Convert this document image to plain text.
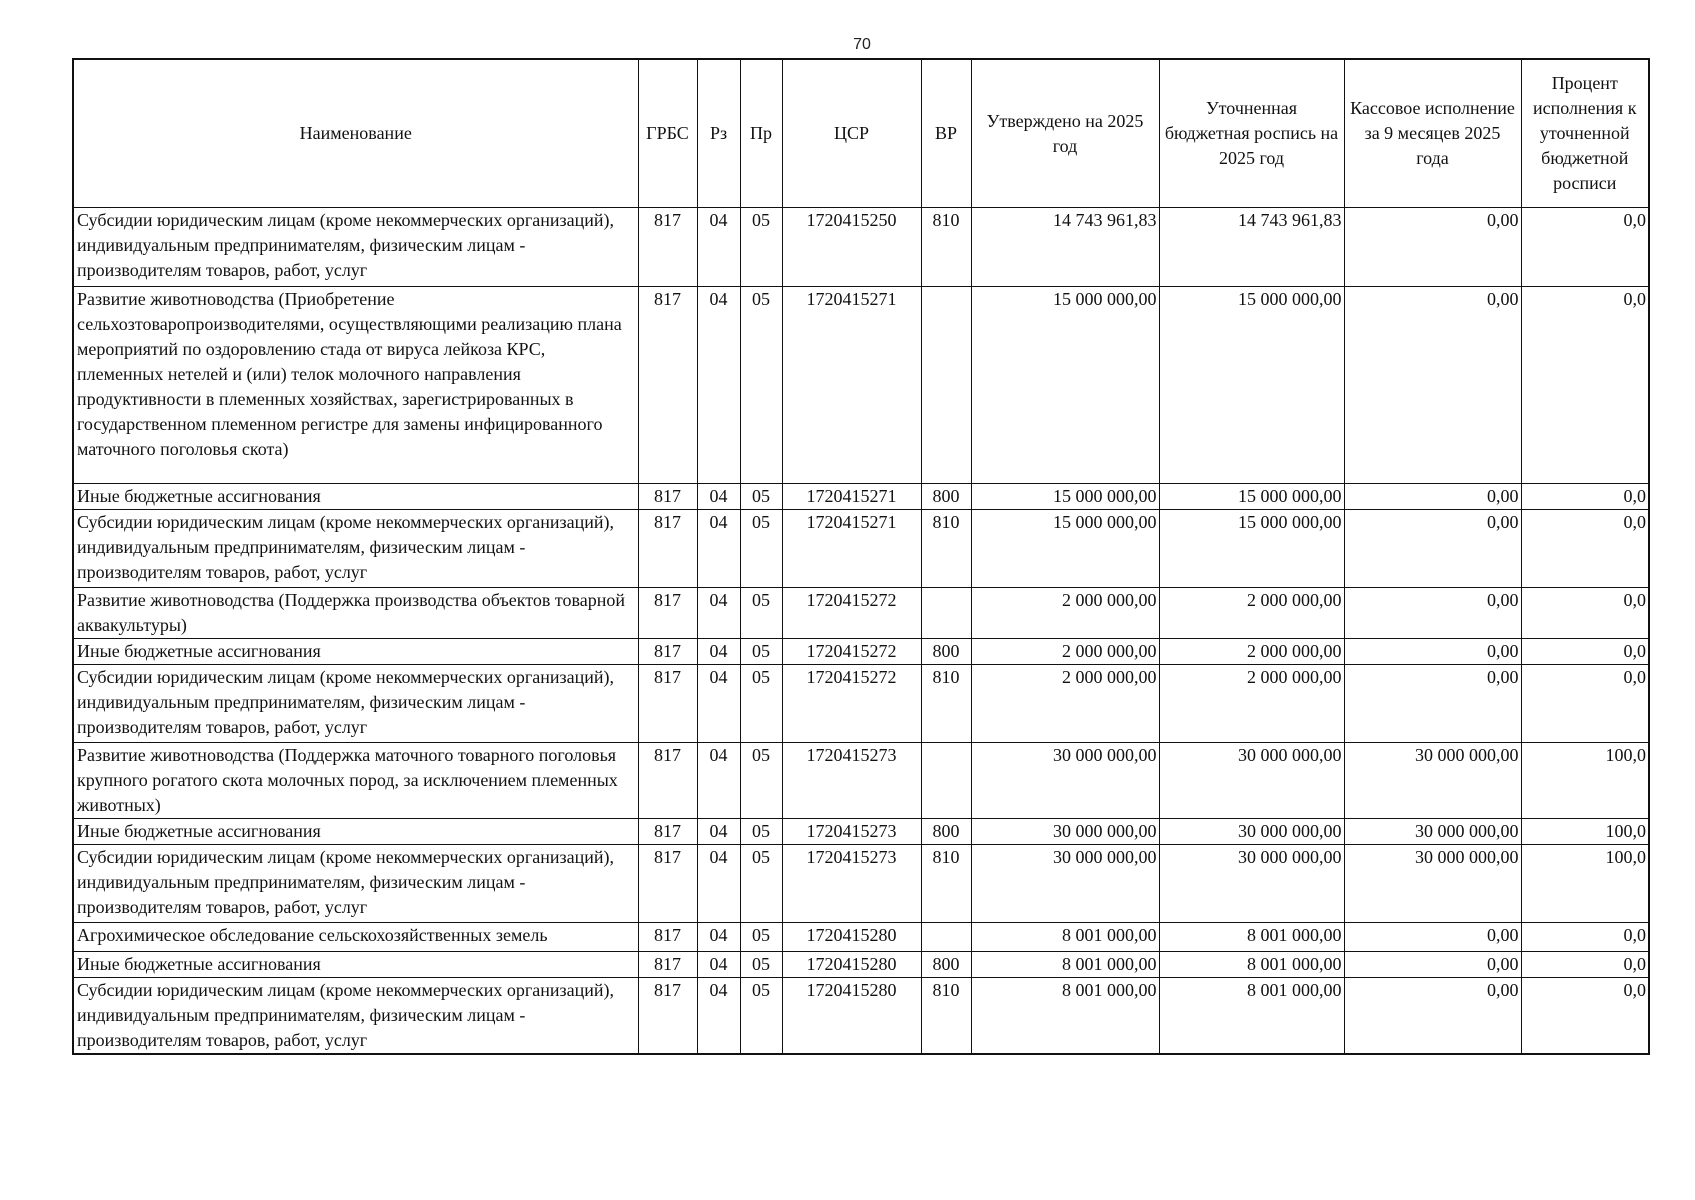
70
Наименование	ГРБС	Рз	Пр	ЦСР	ВР	Утверждено на 2025 год	Уточненная бюджетная роспись на 2025 год	Кассовое исполнение за 9 месяцев 2025 года	Процент исполнения к уточненной бюджетной росписи
Субсидии юридическим лицам (кроме некоммерческих организаций), индивидуальным предпринимателям, физическим лицам - производителям товаров, работ, услуг	817	04	05	1720415250	810	14 743 961,83	14 743 961,83	0,00	0,0
Развитие животноводства (Приобретение сельхозтоваропроизводителями, осуществляющими реализацию плана мероприятий по оздоровлению стада от вируса лейкоза КРС, племенных нетелей и (или) телок молочного направления продуктивности в племенных хозяйствах, зарегистрированных в государственном племенном регистре для замены инфицированного маточного поголовья скота)	817	04	05	1720415271		15 000 000,00	15 000 000,00	0,00	0,0
Иные бюджетные ассигнования	817	04	05	1720415271	800	15 000 000,00	15 000 000,00	0,00	0,0
Субсидии юридическим лицам (кроме некоммерческих организаций), индивидуальным предпринимателям, физическим лицам - производителям товаров, работ, услуг	817	04	05	1720415271	810	15 000 000,00	15 000 000,00	0,00	0,0
Развитие животноводства (Поддержка производства объектов товарной аквакультуры)	817	04	05	1720415272		2 000 000,00	2 000 000,00	0,00	0,0
Иные бюджетные ассигнования	817	04	05	1720415272	800	2 000 000,00	2 000 000,00	0,00	0,0
Субсидии юридическим лицам (кроме некоммерческих организаций), индивидуальным предпринимателям, физическим лицам - производителям товаров, работ, услуг	817	04	05	1720415272	810	2 000 000,00	2 000 000,00	0,00	0,0
Развитие животноводства (Поддержка маточного товарного поголовья крупного рогатого скота молочных пород, за исключением племенных животных)	817	04	05	1720415273		30 000 000,00	30 000 000,00	30 000 000,00	100,0
Иные бюджетные ассигнования	817	04	05	1720415273	800	30 000 000,00	30 000 000,00	30 000 000,00	100,0
Субсидии юридическим лицам (кроме некоммерческих организаций), индивидуальным предпринимателям, физическим лицам - производителям товаров, работ, услуг	817	04	05	1720415273	810	30 000 000,00	30 000 000,00	30 000 000,00	100,0
Агрохимическое обследование сельскохозяйственных земель	817	04	05	1720415280		8 001 000,00	8 001 000,00	0,00	0,0
Иные бюджетные ассигнования	817	04	05	1720415280	800	8 001 000,00	8 001 000,00	0,00	0,0
Субсидии юридическим лицам (кроме некоммерческих организаций), индивидуальным предпринимателям, физическим лицам - производителям товаров, работ, услуг	817	04	05	1720415280	810	8 001 000,00	8 001 000,00	0,00	0,0
